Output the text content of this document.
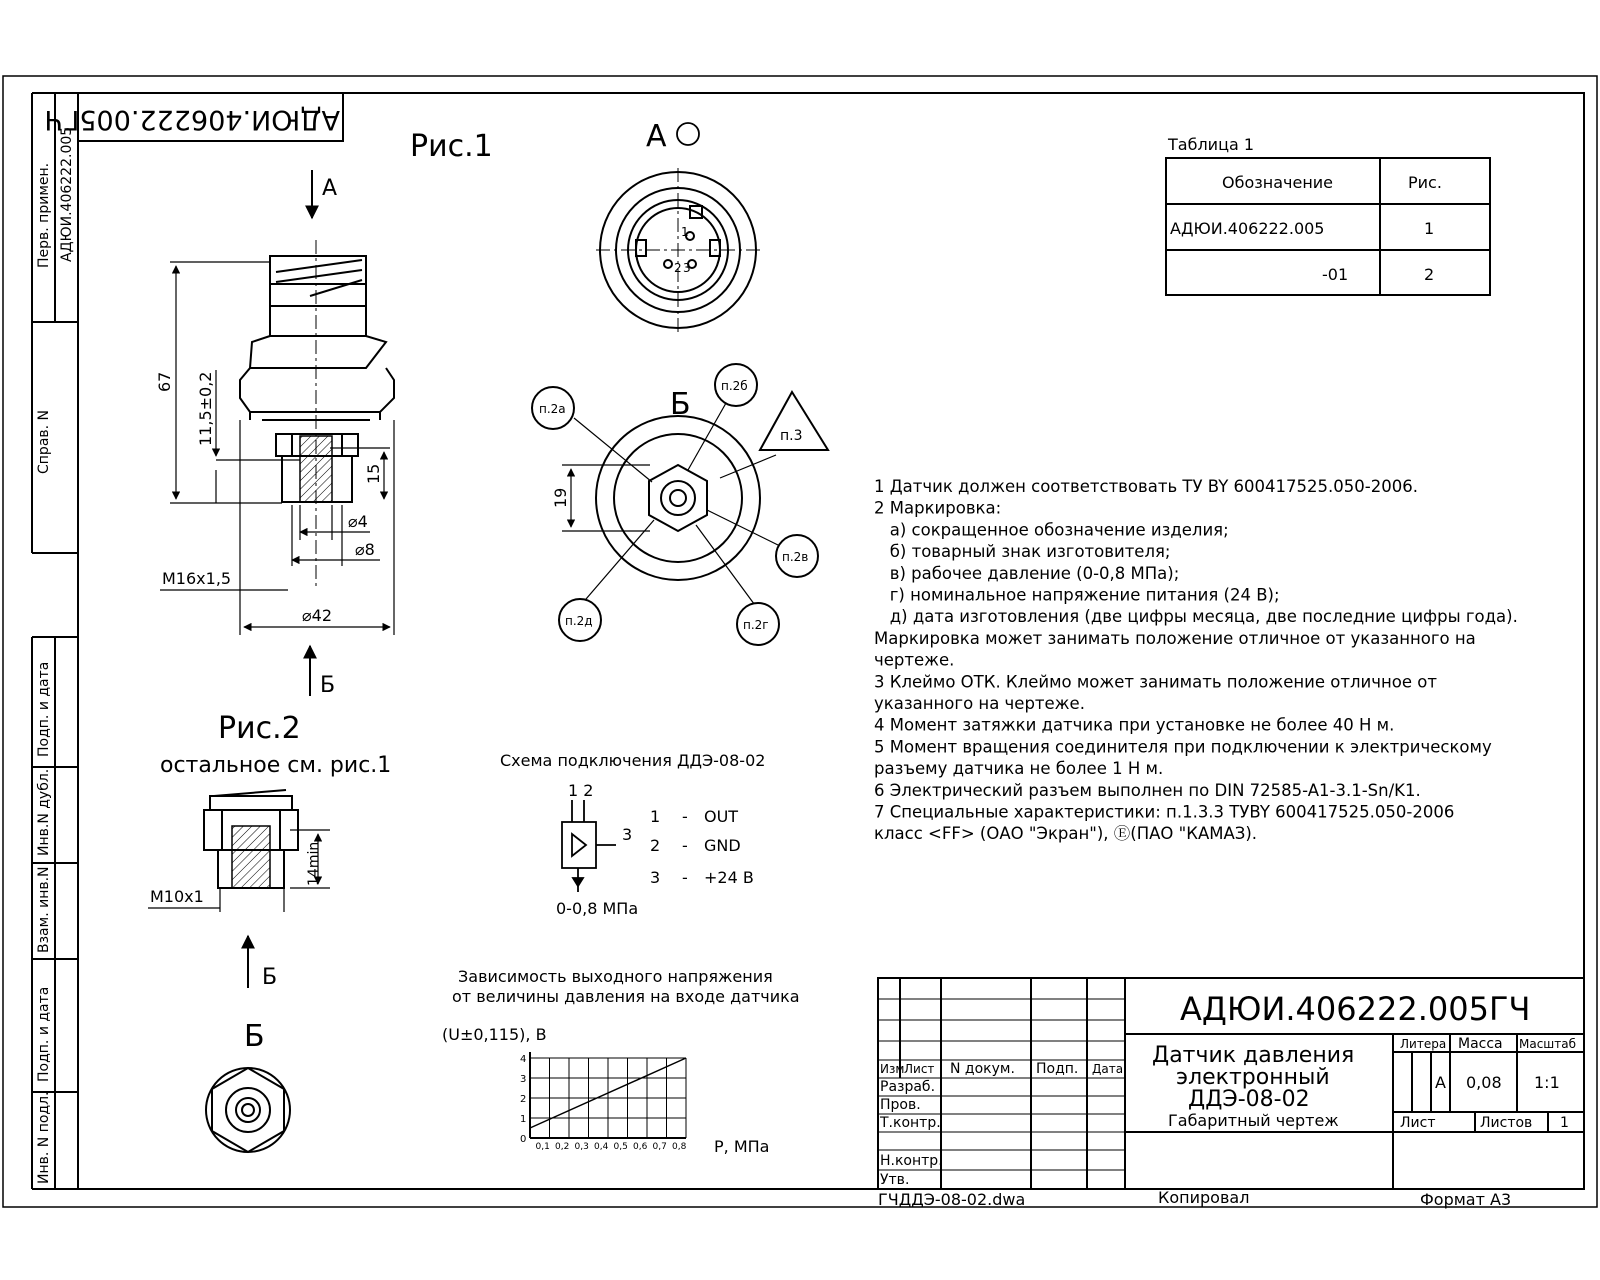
Перв. примен. АДЮИ.406222.005
Справ. N
Подп. и дата
Инв.N дубл.
Взам. инв.N
Подп. и дата
Инв. N подл.
АДЮИ.406222.005ГЧ
Рис.1
А
67 11,5±0,2
15
⌀4
⌀8
M16x1,5
⌀42
Б
А
1
2 3
Б
19
п.2а
п.2б
п.2в
п.2г
п.2д
п.3
Рис.2
остальное см. рис.1
14min
M10x1
Б
Б
Схема подключения ДДЭ-08-02
1 2
3
1 - OUT
2 - GND
3 - +24 В
0-0,8 МПа
Зависимость выходного напряжения
от величины давления на входе датчика
(U±0,115), В
Р, МПа
0,1 0,2 0,3 0,4 0,5 0,6 0,7 0,8
0
1
2
3
4
Таблица 1
Обозначение	Рис.
АДЮИ.406222.005	1
-01	2
1 Датчик должен соответствовать ТУ BY 600417525.050-2006.
2 Маркировка:
а) сокращенное обозначение изделия;
б) товарный знак изготовителя;
в) рабочее давление (0-0,8 МПа);
г) номинальное напряжение питания (24 В);
д) дата изготовления (две цифры месяца, две последние цифры года).
Маркировка может занимать положение отличное от указанного на
чертеже.
3 Клеймо ОТК. Клеймо может занимать положение отличное от
указанного на чертеже.
4 Момент затяжки датчика при установке не более 40 Н м.
5 Момент вращения соединителя при подключении к электрическому
разъему датчика не более 1 Н м.
6 Электрический разъем выполнен по DIN 72585-A1-3.1-Sn/K1.
7 Специальные характеристики: п.1.3.3 ТУBY 600417525.050-2006
класс <FF> (ОАО "Экран"), Ⓔ(ПАО "КАМАЗ).
АДЮИ.406222.005ГЧ
Датчик давления
электронный
ДДЭ-08-02
Габаритный чертеж
Изм Лист N докум. Подп. Дата
Разраб.
Пров.
Т.контр.
Н.контр.
Утв.
Литера Масса Масштаб
А 0,08 1:1
Лист	Листов 1
ГЧДДЭ-08-02.dwa	Копировал	Формат А3
